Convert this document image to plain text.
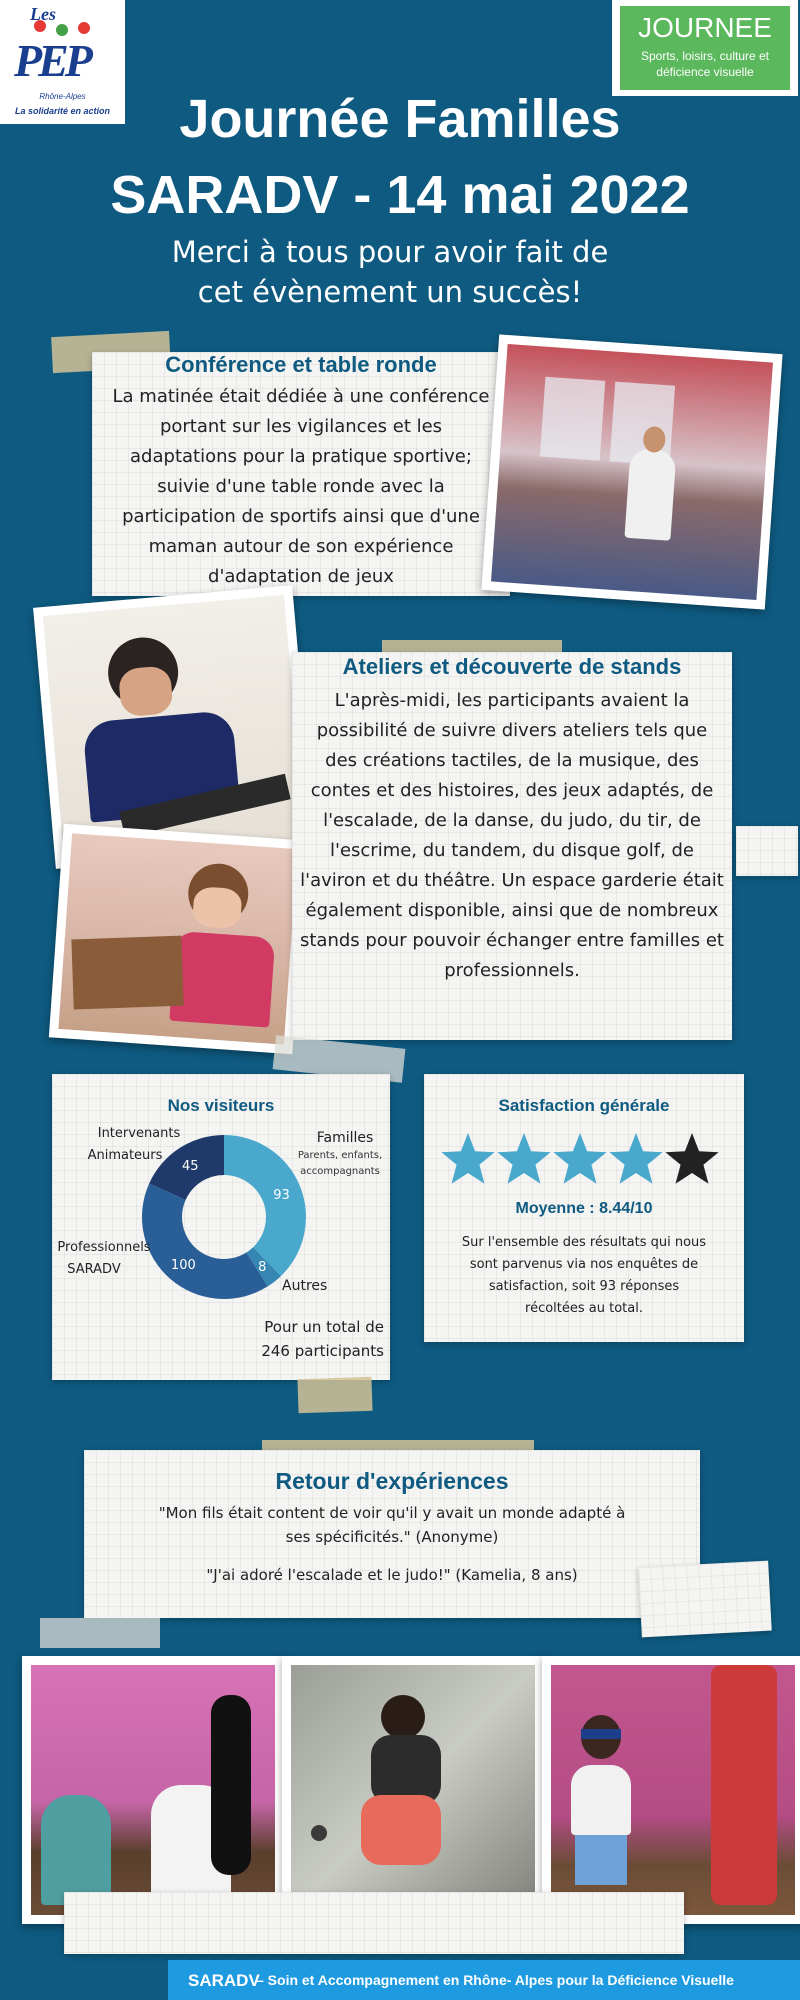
Les
PEP
Rhône-Alpes
La solidarité en action
JOURNEE
Sports, loisirs, culture et déficience visuelle
Journée Familles
SARADV - 14 mai 2022
Merci à tous pour avoir fait de cet évènement un succès!
Conférence et table ronde
La matinée était dédiée à une conférence portant sur les vigilances et les adaptations pour la pratique sportive; suivie d'une table ronde avec la participation de sportifs ainsi que d'une maman autour de son expérience d'adaptation de jeux
Ateliers et découverte de stands
L'après-midi, les participants avaient la possibilité de suivre divers ateliers tels que des créations tactiles, de la musique, des contes et des histoires, des jeux adaptés, de l'escalade, de la danse, du judo, du tir, de l'escrime, du tandem, du disque golf, de l'aviron et du théâtre. Un espace garderie était également disponible, ainsi que de nombreux stands pour pouvoir échanger entre familles et professionnels.
Nos visiteurs
93
8
100
45
Intervenants
Animateurs
Familles
Parents, enfants,
accompagnants
Professionnels
SARADV
Autres
Pour un total de
246 participants
Satisfaction générale
Moyenne : 8.44/10
Sur l'ensemble des résultats qui nous sont parvenus via nos enquêtes de satisfaction, soit 93 réponses récoltées au total.
Retour d'expériences
"Mon fils était content de voir qu'il y avait un monde adapté à ses spécificités." (Anonyme)
"J'ai adoré l'escalade et le judo!" (Kamelia, 8 ans)
SARADV
– Soin et Accompagnement en Rhône- Alpes pour la Déficience Visuelle
